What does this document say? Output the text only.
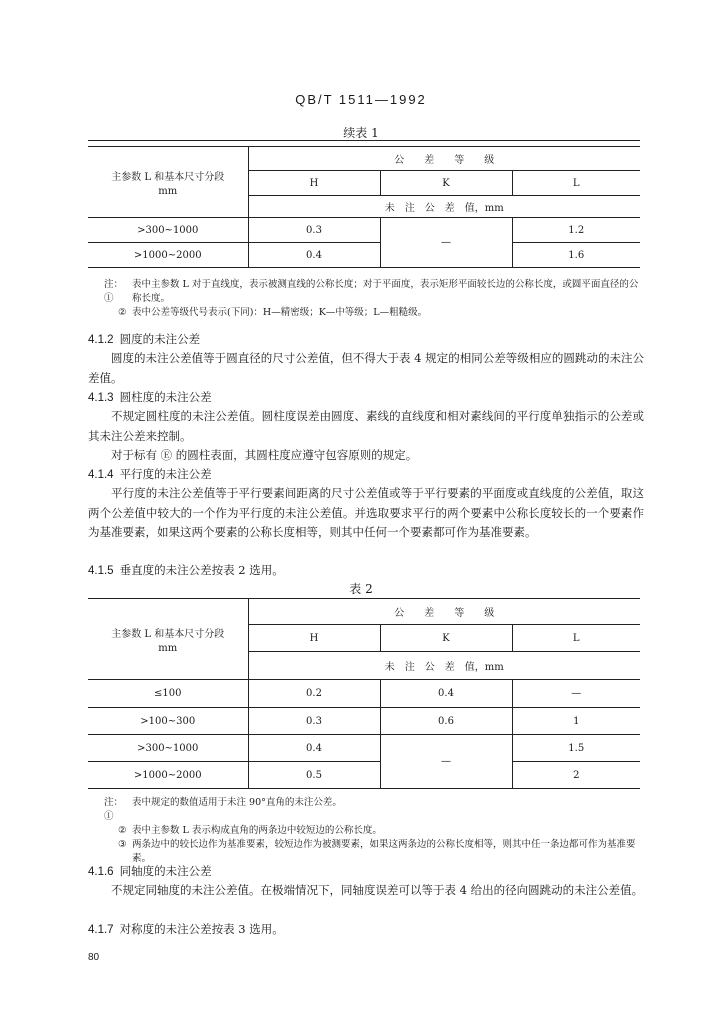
QB/T 1511—1992
续表 1
主参数 L 和基本尺寸分段
mm	公　　差　　等　　级		
	H	K	L
	未　注　公　差　值，mm		
>300~1000	0.3	—	1.2
>1000~2000	0.4		1.6
注：①
表中主参数 L 对于直线度，表示被测直线的公称长度；对于平面度，表示矩形平面较长边的公称长度，或圆平面直径的公称长度。
② 表中公差等级代号表示(下同)：H—精密级；K—中等级；L—粗糙级。
4.1.2 圆度的未注公差
圆度的未注公差值等于圆直径的尺寸公差值，但不得大于表 4 规定的相同公差等级相应的圆跳动的未注公差值。
4.1.3 圆柱度的未注公差
不规定圆柱度的未注公差值。圆柱度误差由圆度、素线的直线度和相对素线间的平行度单独指示的公差或其未注公差来控制。
对于标有 Ⓔ 的圆柱表面，其圆柱度应遵守包容原则的规定。
4.1.4 平行度的未注公差
平行度的未注公差值等于平行要素间距离的尺寸公差值或等于平行要素的平面度或直线度的公差值，取这两个公差值中较大的一个作为平行度的未注公差值。并选取要求平行的两个要素中公称长度较长的一个要素作为基准要素，如果这两个要素的公称长度相等，则其中任何一个要素都可作为基准要素。
4.1.5 垂直度的未注公差按表 2 选用。
表 2
主参数 L 和基本尺寸分段
mm	公　　差　　等　　级		
	H	K	L
	未　注　公　差　值，mm		
≤100	0.2	0.4	—
>100~300	0.3	0.6	1
>300~1000	0.4	—	1.5
>1000~2000	0.5		2
注：①
表中规定的数值适用于未注 90°直角的未注公差。
② 表中主参数 L 表示构成直角的两条边中较短边的公称长度。
③ 两条边中的较长边作为基准要素，较短边作为被测要素，如果这两条边的公称长度相等，则其中任一条边都可作为基准要素。
4.1.6 同轴度的未注公差
不规定同轴度的未注公差值。在极端情况下，同轴度误差可以等于表 4 给出的径向圆跳动的未注公差值。
4.1.7 对称度的未注公差按表 3 选用。
80
